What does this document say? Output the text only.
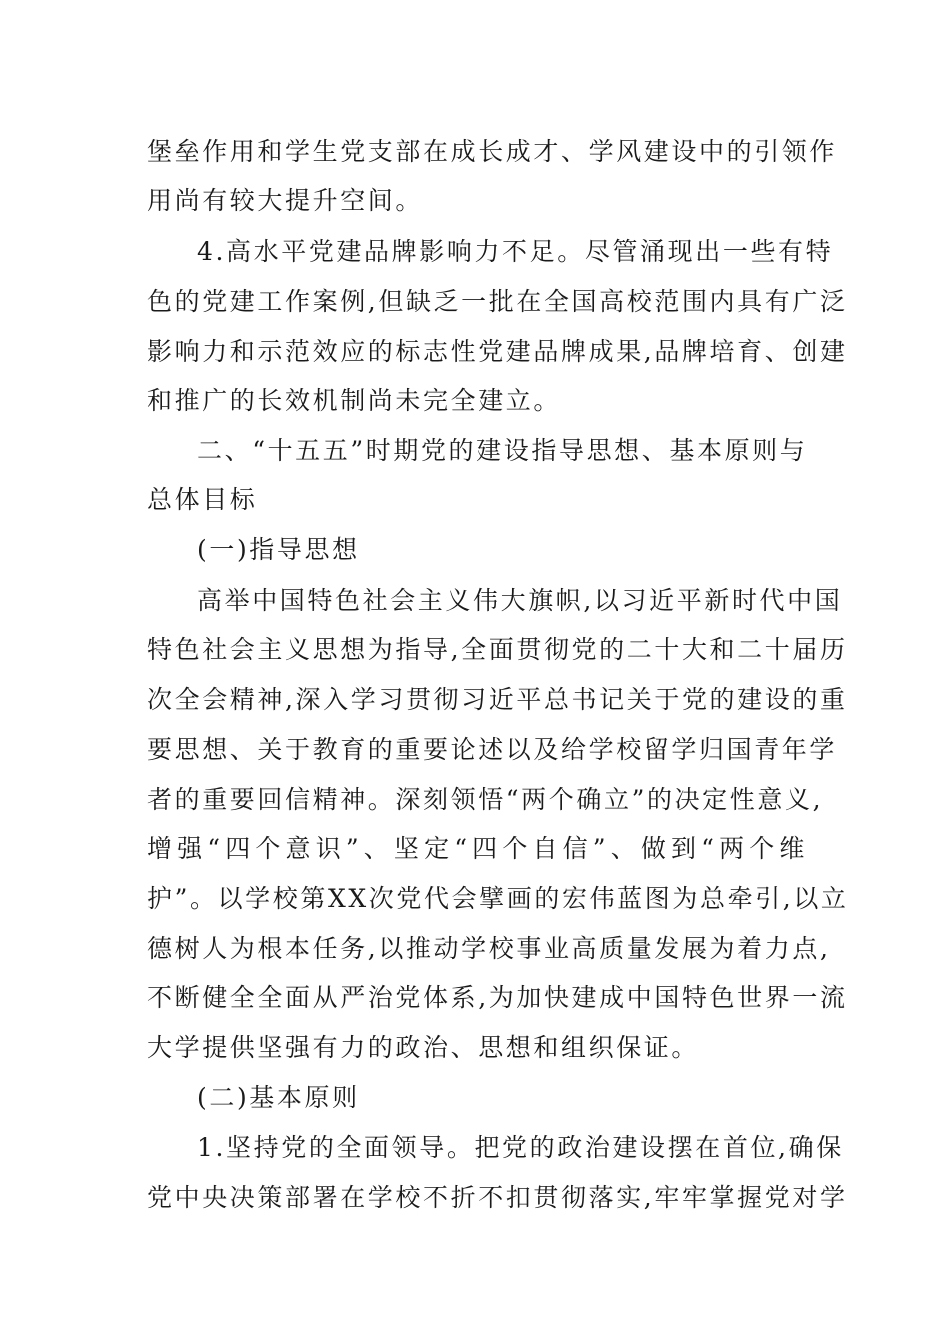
堡垒作用和学生党支部在成长成才、学风建设中的引领作
用尚有较大提升空间。
4.高水平党建品牌影响力不足。尽管涌现出一些有特
色的党建工作案例,但缺乏一批在全国高校范围内具有广泛
影响力和示范效应的标志性党建品牌成果,品牌培育、创建
和推广的长效机制尚未完全建立。
二、“十五五”时期党的建设指导思想、基本原则与
总体目标
(一)指导思想
高举中国特色社会主义伟大旗帜,以习近平新时代中国
特色社会主义思想为指导,全面贯彻党的二十大和二十届历
次全会精神,深入学习贯彻习近平总书记关于党的建设的重
要思想、关于教育的重要论述以及给学校留学归国青年学
者的重要回信精神。深刻领悟“两个确立”的决定性意义,
增强“四个意识”、坚定“四个自信”、做到“两个维
护”。以学校第XX次党代会擘画的宏伟蓝图为总牵引,以立
德树人为根本任务,以推动学校事业高质量发展为着力点,
不断健全全面从严治党体系,为加快建成中国特色世界一流
大学提供坚强有力的政治、思想和组织保证。
(二)基本原则
1.坚持党的全面领导。把党的政治建设摆在首位,确保
党中央决策部署在学校不折不扣贯彻落实,牢牢掌握党对学
